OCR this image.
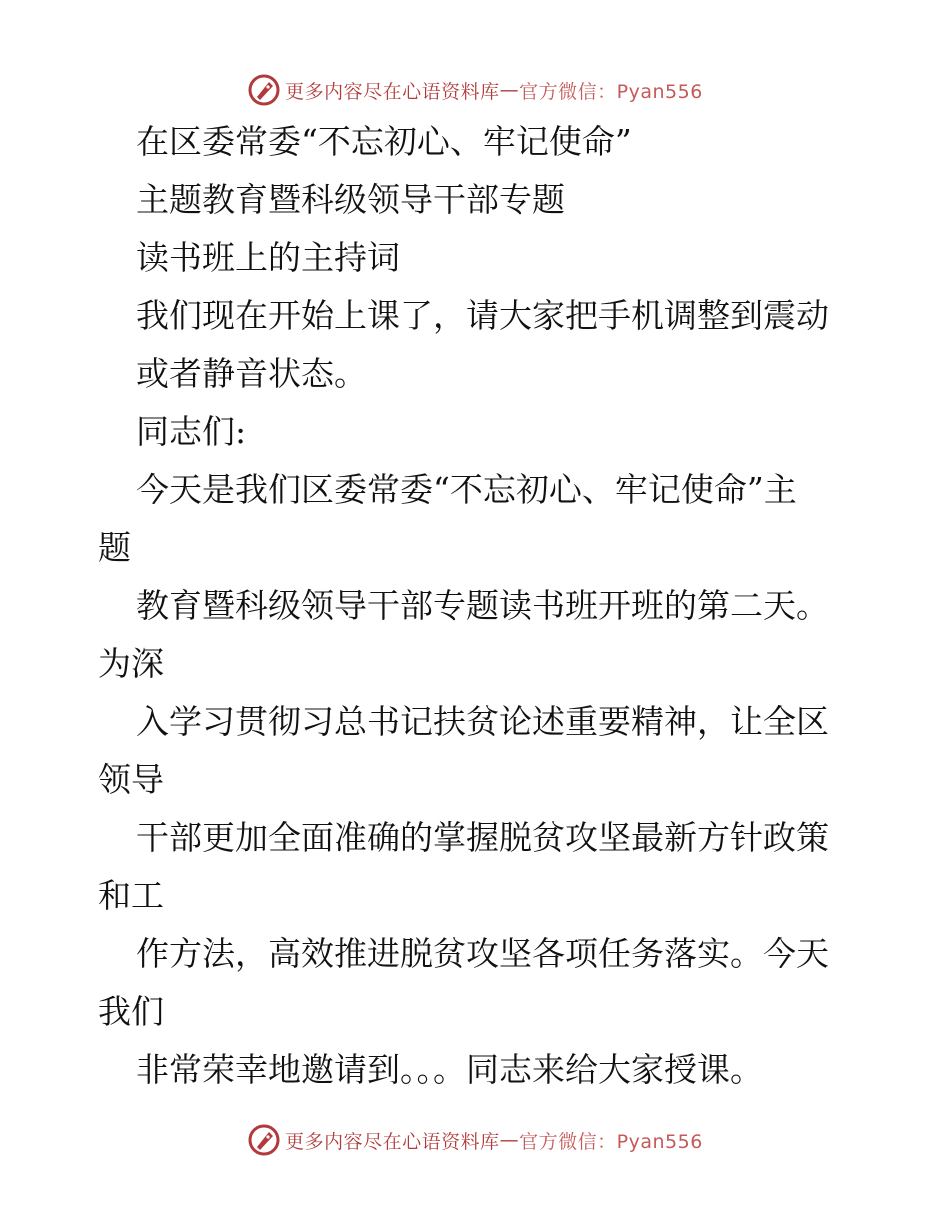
更多内容尽在心语资料库 — 官方微信：Pyan556
在区委常委“不忘初心、牢记使命”
主题教育暨科级领导干部专题
读书班上的主持词
我们现在开始上课了，请大家把手机调整到震动
或者静音状态。
同志们:
今天是我们区委常委“不忘初心、牢记使命”主
题
教育暨科级领导干部专题读书班开班的第二天。
为深
入学习贯彻习总书记扶贫论述重要精神，让全区
领导
干部更加全面准确的掌握脱贫攻坚最新方针政策
和工
作方法，高效推进脱贫攻坚各项任务落实。今天
我们
非常荣幸地邀请到。。。同志来给大家授课。
更多内容尽在心语资料库 — 官方微信：Pyan556
